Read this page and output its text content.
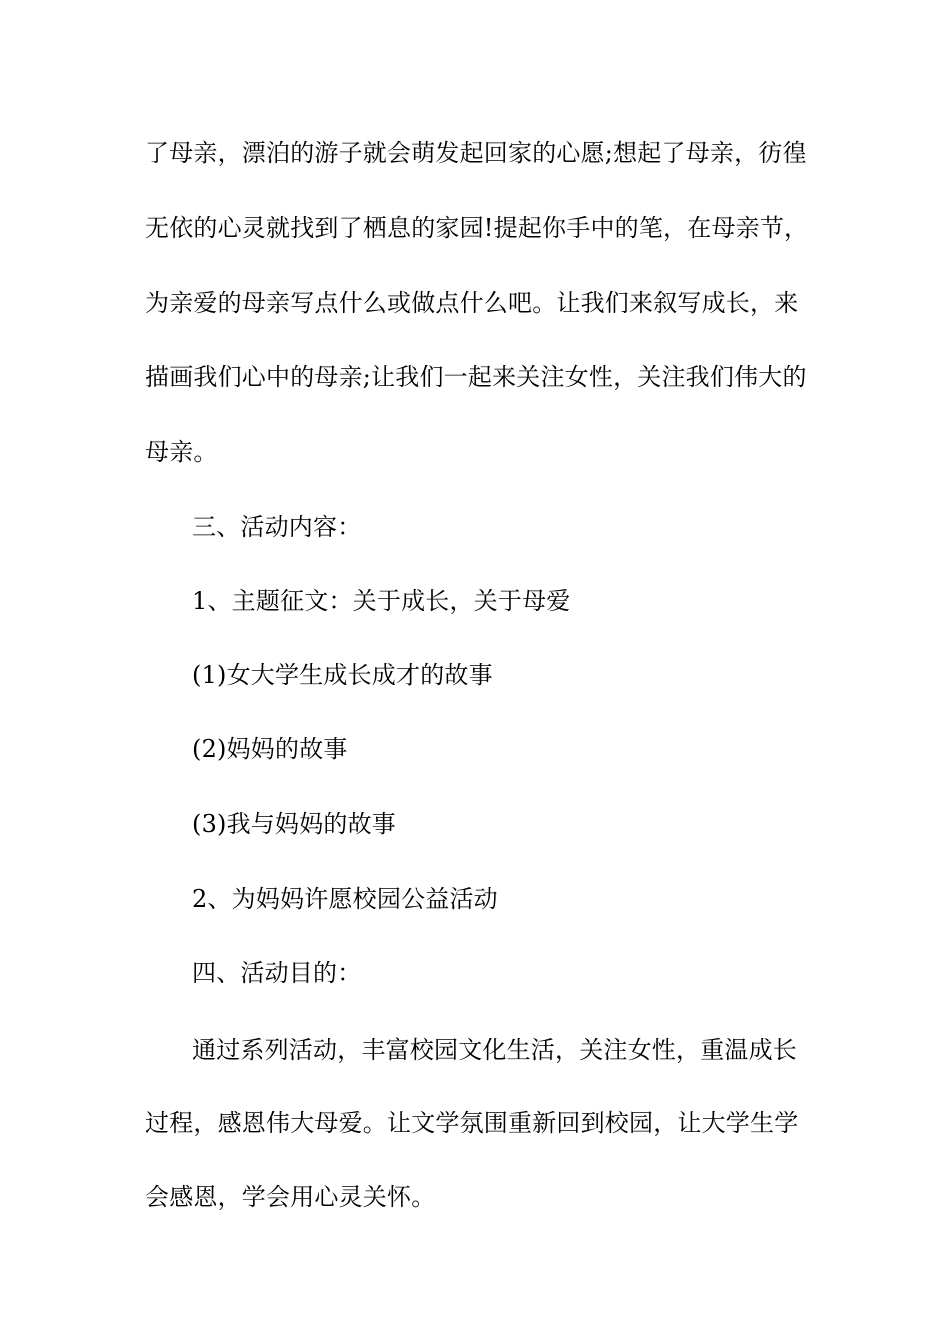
了母亲，漂泊的游子就会萌发起回家的心愿;想起了母亲，彷徨
无依的心灵就找到了栖息的家园!提起你手中的笔，在母亲节，
为亲爱的母亲写点什么或做点什么吧。让我们来叙写成长，来
描画我们心中的母亲;让我们一起来关注女性，关注我们伟大的
母亲。
三、活动内容：
1、主题征文：关于成长，关于母爱
(1)女大学生成长成才的故事
(2)妈妈的故事
(3)我与妈妈的故事
2、为妈妈许愿校园公益活动
四、活动目的：
通过系列活动，丰富校园文化生活，关注女性，重温成长
过程，感恩伟大母爱。让文学氛围重新回到校园，让大学生学
会感恩，学会用心灵关怀。
